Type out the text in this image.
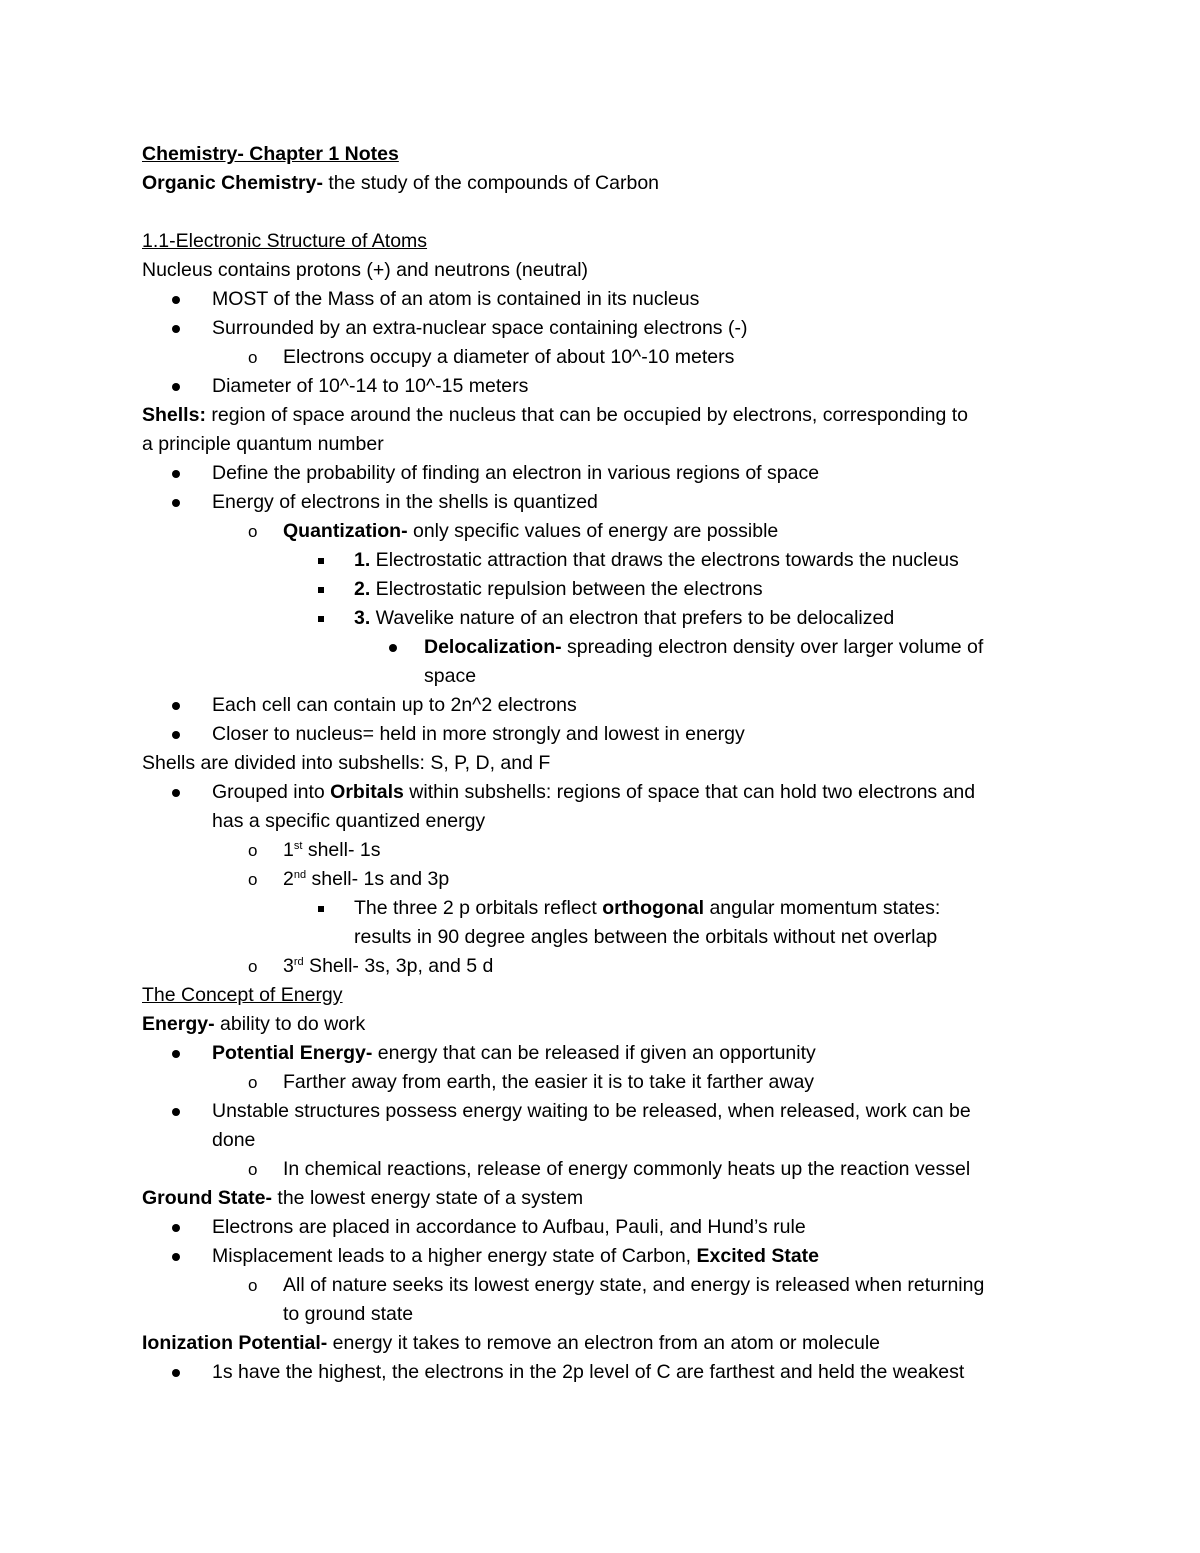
Chemistry- Chapter 1 Notes
Organic Chemistry- the study of the compounds of Carbon
1.1-Electronic Structure of Atoms
Nucleus contains protons (+) and neutrons (neutral)
MOST of the Mass of an atom is contained in its nucleus
Surrounded by an extra-nuclear space containing electrons (-)
o Electrons occupy a diameter of about 10^-10 meters
Diameter of 10^-14 to 10^-15 meters
Shells: region of space around the nucleus that can be occupied by electrons, corresponding to
a principle quantum number
Define the probability of finding an electron in various regions of space
Energy of electrons in the shells is quantized
o Quantization- only specific values of energy are possible
1. Electrostatic attraction that draws the electrons towards the nucleus
2. Electrostatic repulsion between the electrons
3. Wavelike nature of an electron that prefers to be delocalized
Delocalization- spreading electron density over larger volume of
space
Each cell can contain up to 2n^2 electrons
Closer to nucleus= held in more strongly and lowest in energy
Shells are divided into subshells: S, P, D, and F
Grouped into Orbitals within subshells: regions of space that can hold two electrons and
has a specific quantized energy
o 1st shell- 1s
o 2nd shell- 1s and 3p
The three 2 p orbitals reflect orthogonal angular momentum states:
results in 90 degree angles between the orbitals without net overlap
o 3rd Shell- 3s, 3p, and 5 d
The Concept of Energy
Energy- ability to do work
Potential Energy- energy that can be released if given an opportunity
o Farther away from earth, the easier it is to take it farther away
Unstable structures possess energy waiting to be released, when released, work can be
done
o In chemical reactions, release of energy commonly heats up the reaction vessel
Ground State- the lowest energy state of a system
Electrons are placed in accordance to Aufbau, Pauli, and Hund’s rule
Misplacement leads to a higher energy state of Carbon, Excited State
o All of nature seeks its lowest energy state, and energy is released when returning
to ground state
Ionization Potential- energy it takes to remove an electron from an atom or molecule
1s have the highest, the electrons in the 2p level of C are farthest and held the weakest
